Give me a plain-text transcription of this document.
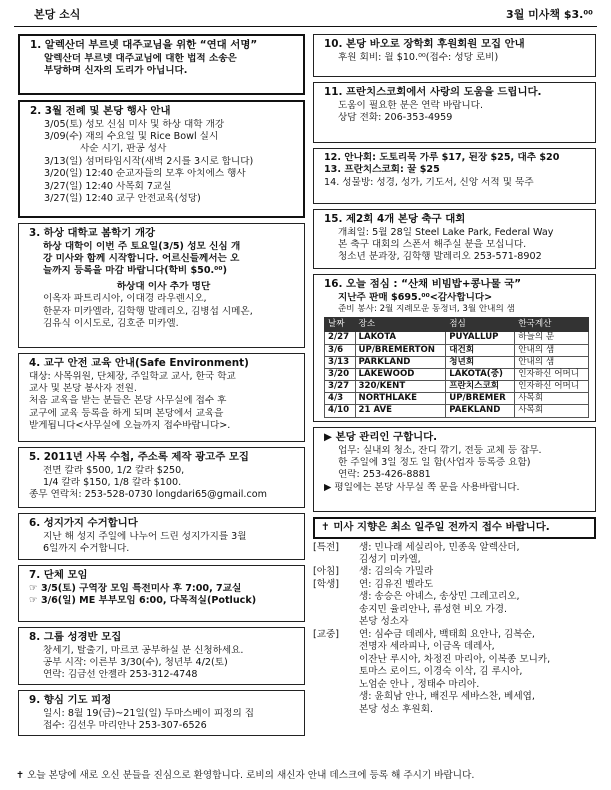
본당 소식	3월 미사책 $3.⁰⁰
1. 알렉산더 부르넷 대주교님을 위한 “연대 서명”
알렉산더 부르넷 대주교님에 대한 법적 소송은
부당하며 신자의 도리가 아닙니다.
2. 3월 전례 및 본당 행사 안내
3/05(토) 성모 신심 미사 및 하상 대학 개강
3/09(수) 재의 수요일 및 Rice Bowl 실시
사순 시기, 판공 성사
3/13(일) 섬머타임시작(새벽 2시를 3시로 합니다)
3/20(일) 12:40 순교자들의 모후 아치에스 행사
3/27(일) 12:40 사목회 7교실
3/27(일) 12:40 교구 안전교육(성당)
3. 하상 대학교 봄학기 개강
하상 대학이 이번 주 토요일(3/5) 성모 신심 개
강 미사와 함께 시작합니다. 어르신들께서는 오
늘까지 등록을 마감 바랍니다(학비 $50.⁰⁰)
하상대 이사 추가 명단
이옥자 파트리시아, 이대경 라우렌시오,
한문자 미카엘라, 김학행 발레리오, 김병섭 시메온,
김유식 이시도로, 김호준 미카엘.
4. 교구 안전 교육 안내(Safe Environment)
대상: 사목위원, 단체장, 주일학교 교사, 한국 학교
교사 및 본당 봉사자 전원.
처음 교육을 받는 분들은 본당 사무실에 접수 후
교구에 교육 등록을 하게 되며 본당에서 교육을
받게됩니다<사무실에 오늘까지 접수바랍니다>.
5. 2011년 사목 수첩, 주소록 제작 광고주 모집
전면 칼라 $500, 1/2 칼라 $250,
1/4 칼라 $150, 1/8 칼라 $100.
종무 연락처: 253-528-0730 longdari65@gmail.com
6. 성지가지 수거합니다
지난 해 성지 주일에 나누어 드린 성지가지를 3월
6일까지 수거합니다.
7. 단체 모임
☞ 3/5(토) 구역장 모임 특전미사 후 7:00, 7교실
☞ 3/6(일) ME 부부모임 6:00, 다목적실(Potluck)
8. 그룹 성경반 모집
창세기, 탈출기, 마르코 공부하실 분 신청하세요.
공부 시작: 이른부 3/30(수), 청년부 4/2(토)
연락: 김금선 안젤라 253-312-4748
9. 향심 기도 피정
일시: 8월 19(금)~21일(일) 두마스베이 피정의 집
접수: 김선우 마리안나 253-307-6526
10. 본당 바오로 장학회 후원회원 모집 안내
후원 회비: 월 $10.⁰⁰(접수: 성당 로비)
11. 프란치스코회에서 사랑의 도움을 드립니다.
도움이 필요한 분은 연락 바랍니다.
상담 전화: 206-353-4959
12. 안나회: 도토리묵 가루 $17, 된장 $25, 대추 $20
13. 프란치스코회: 꿀 $25
14. 성물방: 성경, 성가, 기도서, 신앙 서적 및 묵주
15. 제2회 4개 본당 축구 대회
개최일: 5월 28일 Steel Lake Park, Federal Way
본 축구 대회의 스폰서 해주실 분을 모십니다.
청소년 분과장, 김학행 발레리오 253-571-8902
16. 오늘 점심 : “산채 비빔밥+콩나물 국”
지난주 판매 $695.⁰⁰<감사합니다>
준비 봉사: 2월 지례모운 동정녀, 3월 안내의 샘
날짜	장소	점심	한국계산
2/27	LAKOTA	PUYALLUP	하늘의 문
3/6	UP/BREMERTON	대건회	안내의 샘
3/13	PARKLAND	청년회	안내의 샘
3/20	LAKEWOOD	LAKOTA(중)	인자하신 어머니
3/27	320/KENT	프란치스코회	인자하신 어머니
4/3	NORTHLAKE	UP/BREMER	사목회
4/10	21 AVE	PAEKLAND	사목회
▶ 본당 관리인 구합니다.
업무: 실내외 청소, 잔디 깎기, 전등 교체 등 잡무.
한 주일에 3일 정도 일 함(사업자 등록증 요함)
연락: 253-426-8881
▶ 평일에는 본당 사무실 쪽 문을 사용바랍니다.
✝ 미사 지향은 최소 일주일 전까지 접수 바랍니다.
[특전]	생: 민나래 세실리아, 민종욱 알렉산더,
김성기 미카엘,
[아침]	생: 김의숙 가밀라
[학생]	연: 김유진 벨라도
생: 송승은 아녜스, 송상민 그레고리오,
송지민 율리안나, 류성현 비오 가경.
본당 성소자
[교중]	연: 심수금 데레사, 백태희 요안나, 김복순,
전명자 세라피나, 이금옥 데레사,
이잔난 루시아, 차정진 마리아, 이복종 모니카,
토마스 로이드, 이경숙 이삭, 김 루시아,
노엄순 안나 , 정태수 마리아.
생: 윤희남 안나, 배진무 세바스찬, 베세엽,
본당 성소 후원회.
✝ 오늘 본당에 새로 오신 분들을 진심으로 환영합니다. 로비의 새신자 안내 데스크에 등록 해 주시기 바랍니다.
